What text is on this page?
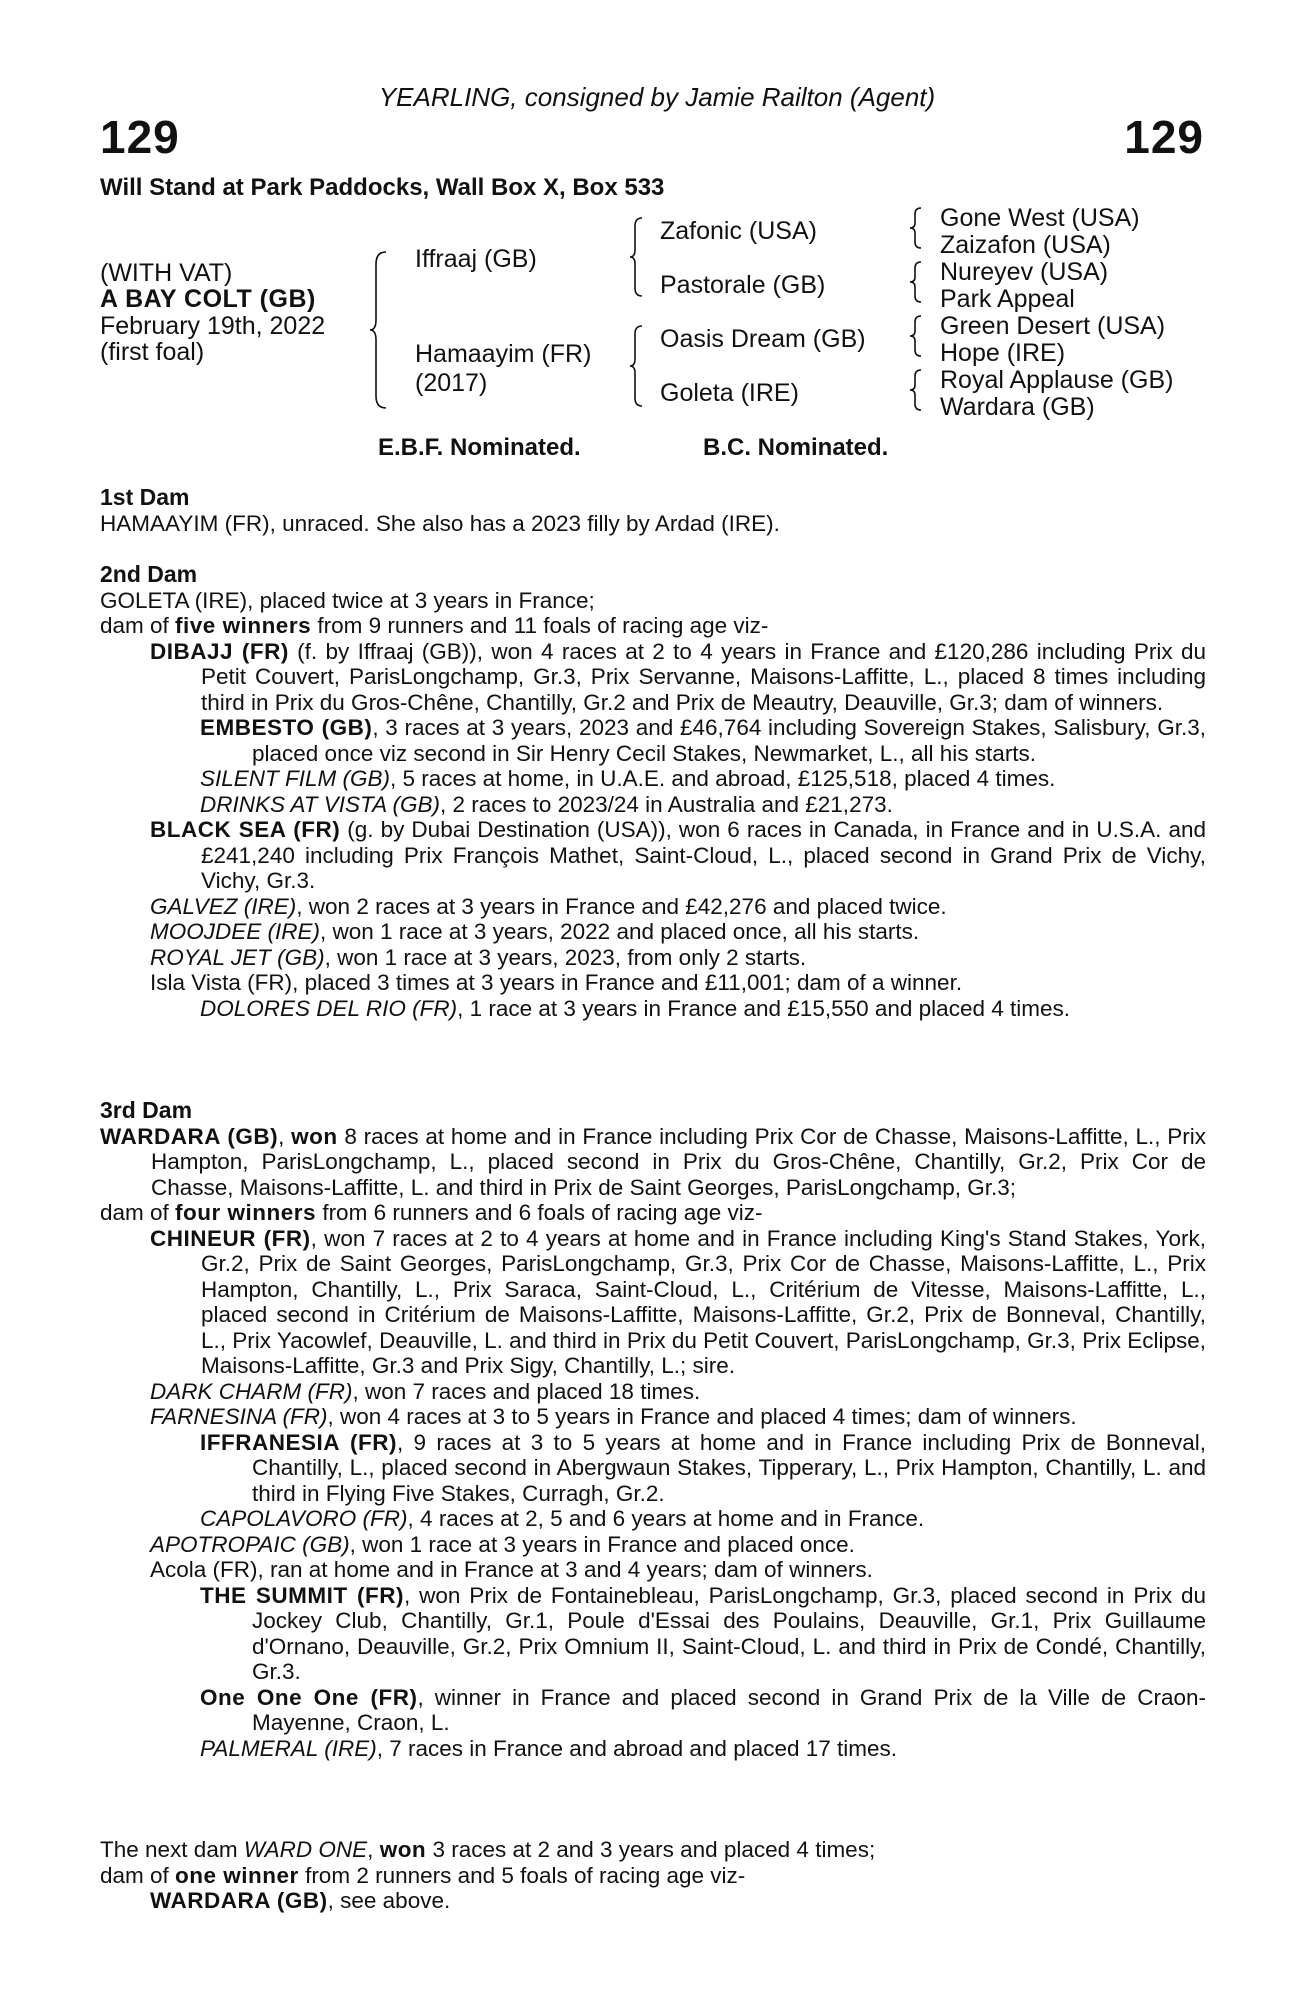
YEARLING, consigned by Jamie Railton (Agent)
129	129
Will Stand at Park Paddocks, Wall Box X, Box 533
(WITH VAT)
A BAY COLT (GB)
February 19th, 2022
(first foal)
Iffraaj (GB)
Hamaayim (FR)
(2017)
Zafonic (USA)
Pastorale (GB)
Oasis Dream (GB)
Goleta (IRE)
Gone West (USA)
Zaizafon (USA)
Nureyev (USA)
Park Appeal
Green Desert (USA)
Hope (IRE)
Royal Applause (GB)
Wardara (GB)
E.B.F. Nominated.	B.C. Nominated.

1st Dam

HAMAAYIM (FR), unraced. She also has a 2023 filly by Ardad (IRE).

2nd Dam

GOLETA (IRE), placed twice at 3 years in France;

dam of five winners from 9 runners and 11 foals of racing age viz-

DIBAJJ (FR) (f. by Iffraaj (GB)), won 4 races at 2 to 4 years in France and £120,286 including Prix du Petit Couvert, ParisLongchamp, Gr.3, Prix Servanne, Maisons-Laffitte, L., placed 8 times including third in Prix du Gros-Chêne, Chantilly, Gr.2 and Prix de Meautry, Deauville, Gr.3; dam of winners.

EMBESTO (GB), 3 races at 3 years, 2023 and £46,764 including Sovereign Stakes, Salisbury, Gr.3, placed once viz second in Sir Henry Cecil Stakes, Newmarket, L., all his starts.

SILENT FILM (GB), 5 races at home, in U.A.E. and abroad, £125,518, placed 4 times.

DRINKS AT VISTA (GB), 2 races to 2023/24 in Australia and £21,273.

BLACK SEA (FR) (g. by Dubai Destination (USA)), won 6 races in Canada, in France and in U.S.A. and £241,240 including Prix François Mathet, Saint-Cloud, L., placed second in Grand Prix de Vichy, Vichy, Gr.3.

GALVEZ (IRE), won 2 races at 3 years in France and £42,276 and placed twice.

MOOJDEE (IRE), won 1 race at 3 years, 2022 and placed once, all his starts.

ROYAL JET (GB), won 1 race at 3 years, 2023, from only 2 starts.

Isla Vista (FR), placed 3 times at 3 years in France and £11,001; dam of a winner.

DOLORES DEL RIO (FR), 1 race at 3 years in France and £15,550 and placed 4 times.

3rd Dam

WARDARA (GB), won 8 races at home and in France including Prix Cor de Chasse, Maisons-Laffitte, L., Prix Hampton, ParisLongchamp, L., placed second in Prix du Gros-Chêne, Chantilly, Gr.2, Prix Cor de Chasse, Maisons-Laffitte, L. and third in Prix de Saint Georges, ParisLongchamp, Gr.3;

dam of four winners from 6 runners and 6 foals of racing age viz-

CHINEUR (FR), won 7 races at 2 to 4 years at home and in France including King's Stand Stakes, York, Gr.2, Prix de Saint Georges, ParisLongchamp, Gr.3, Prix Cor de Chasse, Maisons-Laffitte, L., Prix Hampton, Chantilly, L., Prix Saraca, Saint-Cloud, L., Critérium de Vitesse, Maisons-Laffitte, L., placed second in Critérium de Maisons-Laffitte, Maisons-Laffitte, Gr.2, Prix de Bonneval, Chantilly, L., Prix Yacowlef, Deauville, L. and third in Prix du Petit Couvert, ParisLongchamp, Gr.3, Prix Eclipse, Maisons-Laffitte, Gr.3 and Prix Sigy, Chantilly, L.; sire.

DARK CHARM (FR), won 7 races and placed 18 times.

FARNESINA (FR), won 4 races at 3 to 5 years in France and placed 4 times; dam of winners.

IFFRANESIA (FR), 9 races at 3 to 5 years at home and in France including Prix de Bonneval, Chantilly, L., placed second in Abergwaun Stakes, Tipperary, L., Prix Hampton, Chantilly, L. and third in Flying Five Stakes, Curragh, Gr.2.

CAPOLAVORO (FR), 4 races at 2, 5 and 6 years at home and in France.

APOTROPAIC (GB), won 1 race at 3 years in France and placed once.

Acola (FR), ran at home and in France at 3 and 4 years; dam of winners.

THE SUMMIT (FR), won Prix de Fontainebleau, ParisLongchamp, Gr.3, placed second in Prix du Jockey Club, Chantilly, Gr.1, Poule d'Essai des Poulains, Deauville, Gr.1, Prix Guillaume d'Ornano, Deauville, Gr.2, Prix Omnium II, Saint-Cloud, L. and third in Prix de Condé, Chantilly, Gr.3.

One One One (FR), winner in France and placed second in Grand Prix de la Ville de Craon-Mayenne, Craon, L.

PALMERAL (IRE), 7 races in France and abroad and placed 17 times.

The next dam WARD ONE, won 3 races at 2 and 3 years and placed 4 times;

dam of one winner from 2 runners and 5 foals of racing age viz-

WARDARA (GB), see above.
